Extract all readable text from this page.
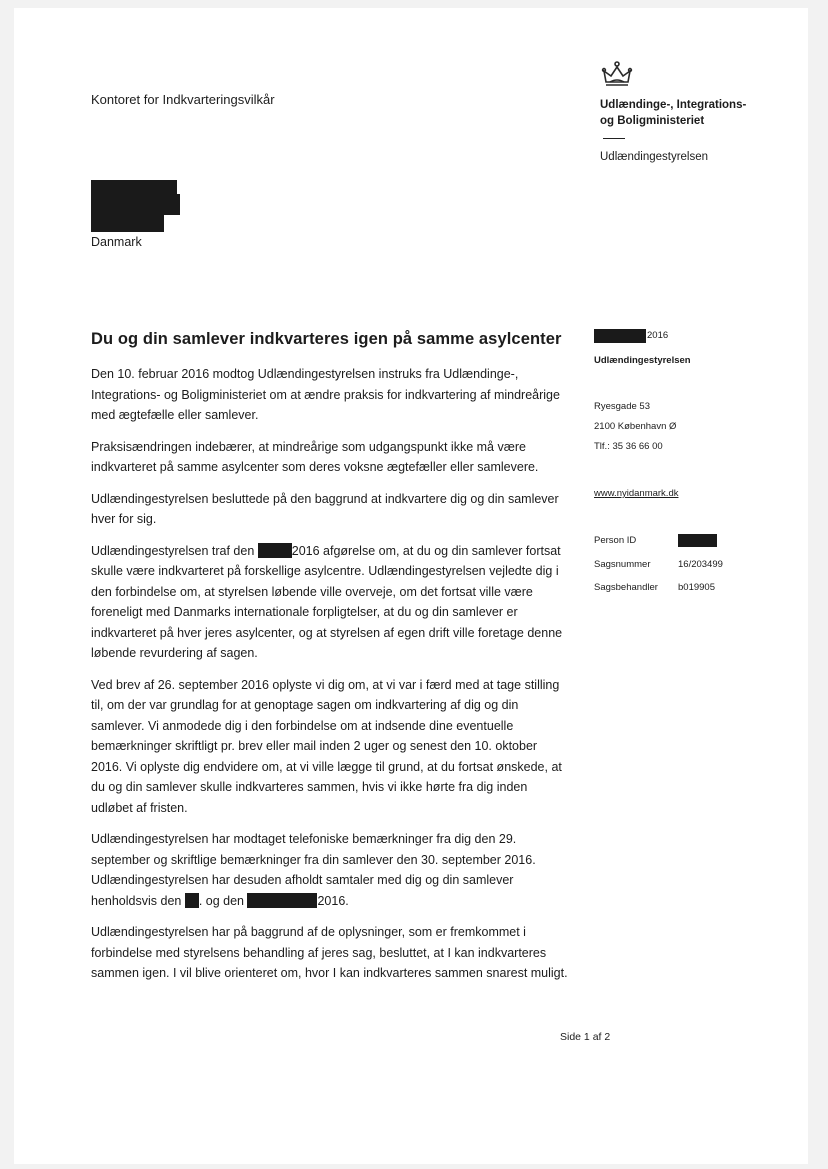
Kontoret for Indkvarteringsvilkår	Udlændinge-, Integrations-
og Boligministeriet
Udlændingestyrelsen
Danmark
Du og din samlever indkvarteres igen på samme asylcenter

Den 10. februar 2016 modtog Udlændingestyrelsen instruks fra Udlændinge-, Integrations- og Boligministeriet om at ændre praksis for indkvartering af mindreårige med ægtefælle eller samlever.

Praksisændringen indebærer, at mindreårige som udgangspunkt ikke må være indkvarteret på samme asylcenter som deres voksne ægtefæller eller samlevere.

Udlændingestyrelsen besluttede på den baggrund at indkvartere dig og din samlever hver for sig.

Udlændingestyrelsen traf den	2016 afgørelse om, at du og din samlever fortsat skulle være indkvarteret på forskellige asylcentre. Udlændingestyrelsen vejledte dig i den forbindelse om, at styrelsen løbende ville overveje, om det fortsat ville være foreneligt med Danmarks internationale forpligtelser, at du og din samlever er indkvarteret på hver jeres asylcenter, og at styrelsen af egen drift ville foretage denne løbende revurdering af sagen.

Ved brev af 26. september 2016 oplyste vi dig om, at vi var i færd med at tage stilling til, om der var grundlag for at genoptage sagen om indkvartering af dig og din samlever. Vi anmodede dig i den forbindelse om at indsende dine eventuelle bemærkninger skriftligt pr. brev eller mail inden 2 uger og senest den 10. oktober 2016. Vi oplyste dig endvidere om, at vi ville lægge til grund, at du fortsat ønskede, at du og din samlever skulle indkvarteres sammen, hvis vi ikke hørte fra dig inden udløbet af fristen.

Udlændingestyrelsen har modtaget telefoniske bemærkninger fra dig den 29. september og skriftlige bemærkninger fra din samlever den 30. september 2016. Udlændingestyrelsen har desuden afholdt samtaler med dig og din samlever henholdsvis den . og den	2016.

Udlændingestyrelsen har på baggrund af de oplysninger, som er fremkommet i forbindelse med styrelsens behandling af jeres sag, besluttet, at I kan indkvarteres sammen igen. I vil blive orienteret om, hvor I kan indkvarteres sammen snarest muligt.

2016
Udlændingestyrelsen
Ryesgade 53
2100 København Ø
Tlf.: 35 36 66 00
www.nyidanmark.dk
Person ID
Sagsnummer	16/203499
Sagsbehandler b019905
Side 1 af 2
